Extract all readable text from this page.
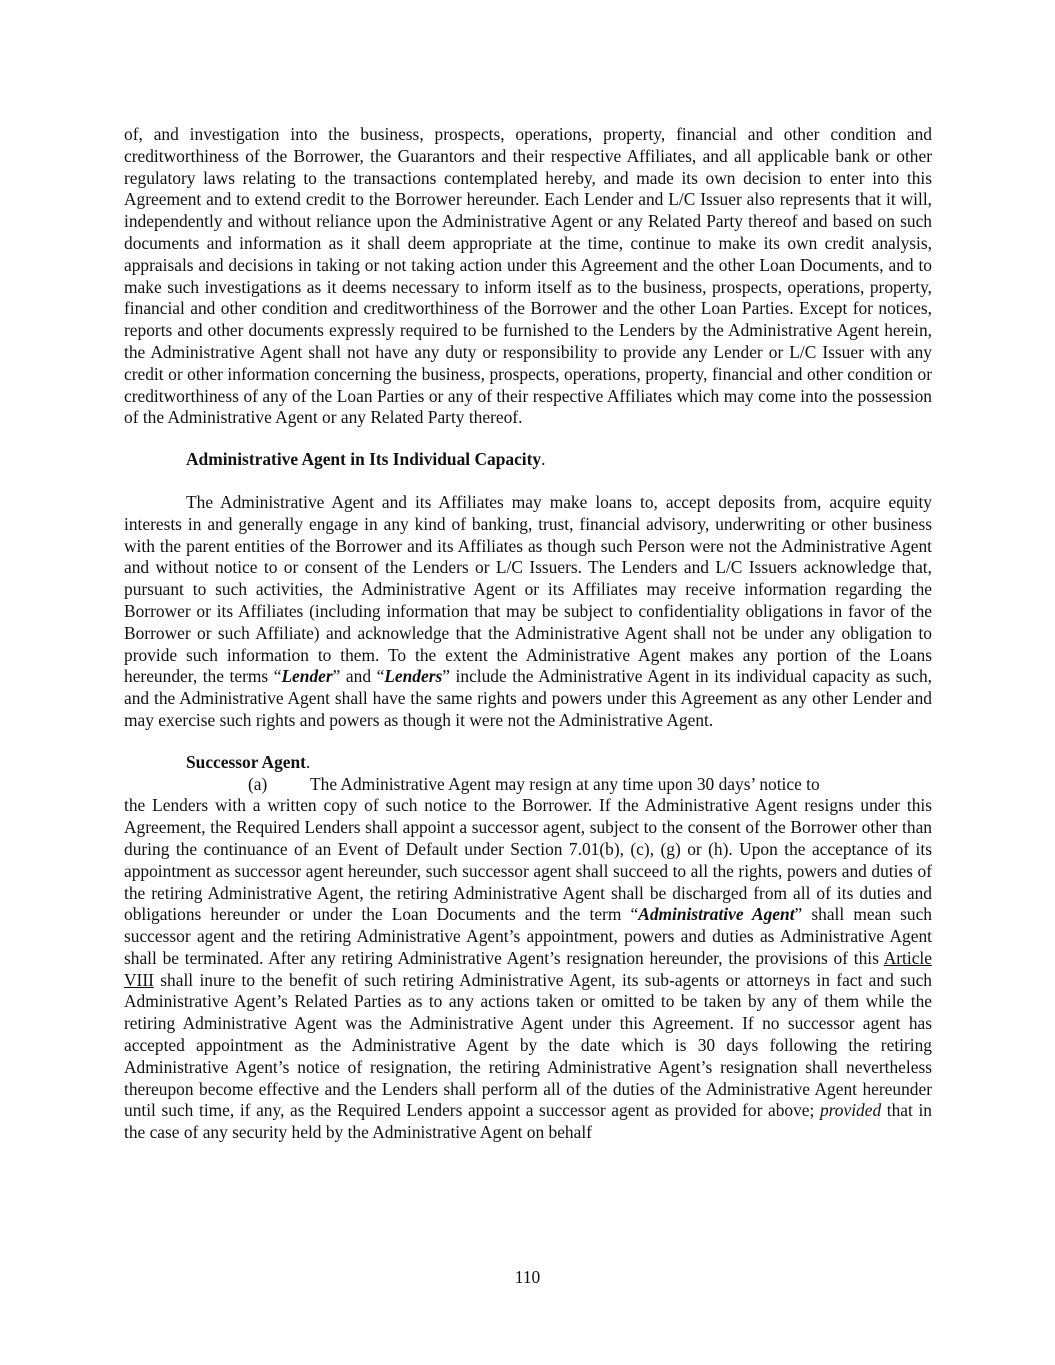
of, and investigation into the business, prospects, operations, property, financial and other condition and creditworthiness of the Borrower, the Guarantors and their respective Affiliates, and all applicable bank or other regulatory laws relating to the transactions contemplated hereby, and made its own decision to enter into this Agreement and to extend credit to the Borrower hereunder. Each Lender and L/C Issuer also represents that it will, independently and without reliance upon the Administrative Agent or any Related Party thereof and based on such documents and information as it shall deem appropriate at the time, continue to make its own credit analysis, appraisals and decisions in taking or not taking action under this Agreement and the other Loan Documents, and to make such investigations as it deems necessary to inform itself as to the business, prospects, operations, property, financial and other condition and creditworthiness of the Borrower and the other Loan Parties. Except for notices, reports and other documents expressly required to be furnished to the Lenders by the Administrative Agent herein, the Administrative Agent shall not have any duty or responsibility to provide any Lender or L/C Issuer with any credit or other information concerning the business, prospects, operations, property, financial and other condition or creditworthiness of any of the Loan Parties or any of their respective Affiliates which may come into the possession of the Administrative Agent or any Related Party thereof.

Administrative Agent in Its Individual Capacity.

The Administrative Agent and its Affiliates may make loans to, accept deposits from, acquire equity interests in and generally engage in any kind of banking, trust, financial advisory, underwriting or other business with the parent entities of the Borrower and its Affiliates as though such Person were not the Administrative Agent and without notice to or consent of the Lenders or L/C Issuers. The Lenders and L/C Issuers acknowledge that, pursuant to such activities, the Administrative Agent or its Affiliates may receive information regarding the Borrower or its Affiliates (including information that may be subject to confidentiality obligations in favor of the Borrower or such Affiliate) and acknowledge that the Administrative Agent shall not be under any obligation to provide such information to them. To the extent the Administrative Agent makes any portion of the Loans hereunder, the terms “Lender” and “Lenders” include the Administrative Agent in its individual capacity as such, and the Administrative Agent shall have the same rights and powers under this Agreement as any other Lender and may exercise such rights and powers as though it were not the Administrative Agent.

Successor Agent.

(a) The Administrative Agent may resign at any time upon 30 days’ notice to

the Lenders with a written copy of such notice to the Borrower. If the Administrative Agent resigns under this Agreement, the Required Lenders shall appoint a successor agent, subject to the consent of the Borrower other than during the continuance of an Event of Default under Section 7.01(b), (c), (g) or (h). Upon the acceptance of its appointment as successor agent hereunder, such successor agent shall succeed to all the rights, powers and duties of the retiring Administrative Agent, the retiring Administrative Agent shall be discharged from all of its duties and obligations hereunder or under the Loan Documents and the term “Administrative Agent” shall mean such successor agent and the retiring Administrative Agent’s appointment, powers and duties as Administrative Agent shall be terminated. After any retiring Administrative Agent’s resignation hereunder, the provisions of this Article VIII shall inure to the benefit of such retiring Administrative Agent, its sub-agents or attorneys in fact and such Administrative Agent’s Related Parties as to any actions taken or omitted to be taken by any of them while the retiring Administrative Agent was the Administrative Agent under this Agreement. If no successor agent has accepted appointment as the Administrative Agent by the date which is 30 days following the retiring Administrative Agent’s notice of resignation, the retiring Administrative Agent’s resignation shall nevertheless thereupon become effective and the Lenders shall perform all of the duties of the Administrative Agent hereunder until such time, if any, as the Required Lenders appoint a successor agent as provided for above; provided that in the case of any security held by the Administrative Agent on behalf

110
